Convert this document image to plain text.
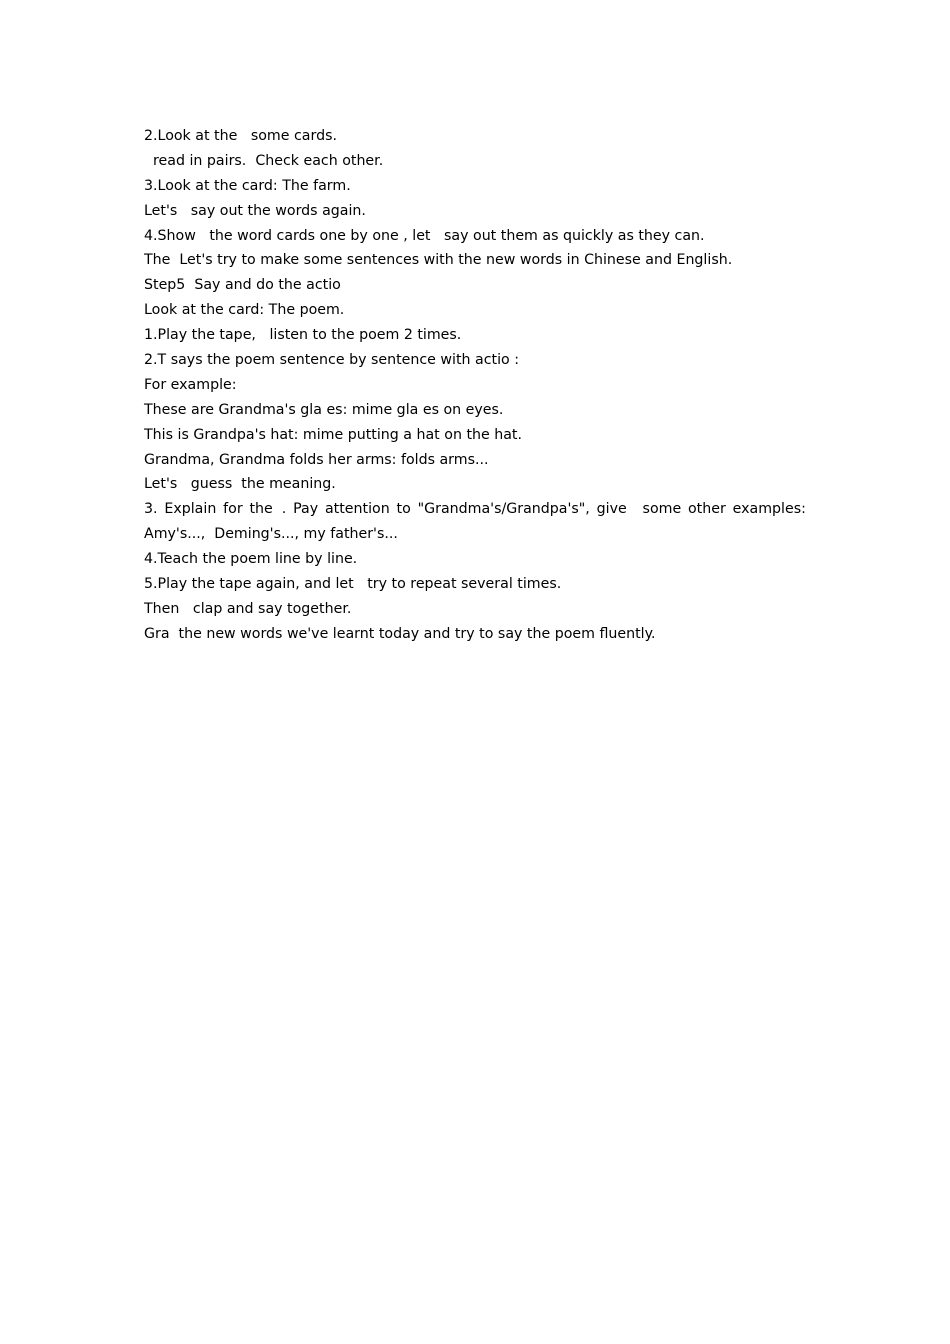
2.Look at the   some cards.
read in pairs.  Check each other.
3.Look at the card: The farm.
Let's   say out the words again.
4.Show   the word cards one by one , let   say out them as quickly as they can.
The  Let's try to make some sentences with the new words in Chinese and English.
Step5  Say and do the actio
Look at the card: The poem.
1.Play the tape,   listen to the poem 2 times.
2.T says the poem sentence by sentence with actio :
For example:
These are Grandma's gla es: mime gla es on eyes.
This is Grandpa's hat: mime putting a hat on the hat.
Grandma, Grandma folds her arms: folds arms...
Let's   guess  the meaning.
3. Explain for the  . Pay attention to "Grandma's/Grandpa's", give some other examples:
Amy's...,  Deming's..., my father's...
4.Teach the poem line by line.
5.Play the tape again, and let   try to repeat several times.
Then   clap and say together.
Gra  the new words we've learnt today and try to say the poem fluently.
